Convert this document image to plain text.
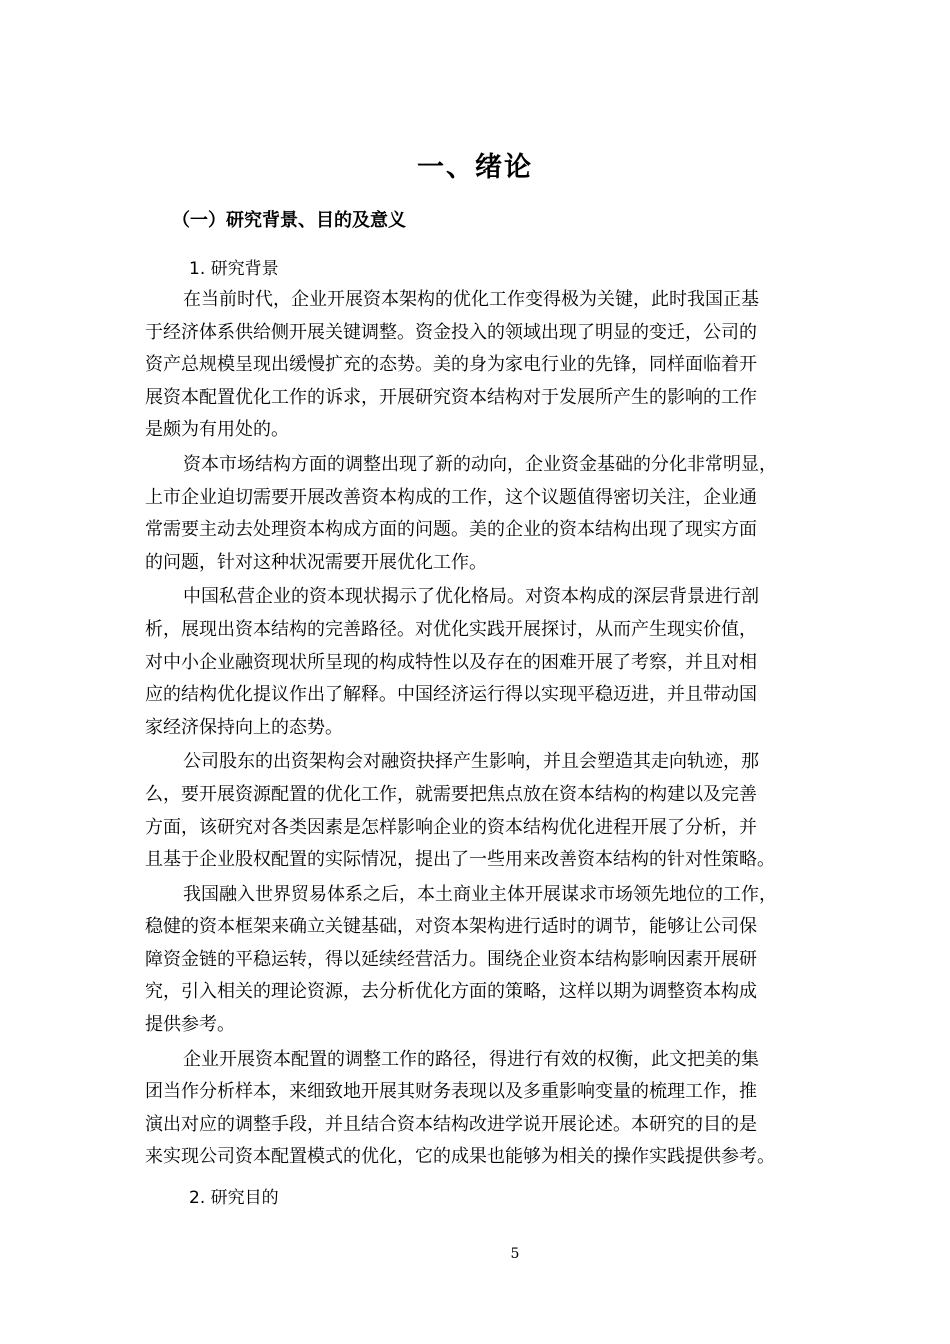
一、绪论
（一）研究背景、目的及意义
1. 研究背景
在当前时代，企业开展资本架构的优化工作变得极为关键，此时我国正基
于经济体系供给侧开展关键调整。资金投入的领域出现了明显的变迁，公司的
资产总规模呈现出缓慢扩充的态势。美的身为家电行业的先锋，同样面临着开
展资本配置优化工作的诉求，开展研究资本结构对于发展所产生的影响的工作
是颇为有用处的。
资本市场结构方面的调整出现了新的动向，企业资金基础的分化非常明显，
上市企业迫切需要开展改善资本构成的工作，这个议题值得密切关注，企业通
常需要主动去处理资本构成方面的问题。美的企业的资本结构出现了现实方面
的问题，针对这种状况需要开展优化工作。
中国私营企业的资本现状揭示了优化格局。对资本构成的深层背景进行剖
析，展现出资本结构的完善路径。对优化实践开展探讨，从而产生现实价值，
对中小企业融资现状所呈现的构成特性以及存在的困难开展了考察，并且对相
应的结构优化提议作出了解释。中国经济运行得以实现平稳迈进，并且带动国
家经济保持向上的态势。
公司股东的出资架构会对融资抉择产生影响，并且会塑造其走向轨迹，那
么，要开展资源配置的优化工作，就需要把焦点放在资本结构的构建以及完善
方面，该研究对各类因素是怎样影响企业的资本结构优化进程开展了分析，并
且基于企业股权配置的实际情况，提出了一些用来改善资本结构的针对性策略。
我国融入世界贸易体系之后，本土商业主体开展谋求市场领先地位的工作，
稳健的资本框架来确立关键基础，对资本架构进行适时的调节，能够让公司保
障资金链的平稳运转，得以延续经营活力。围绕企业资本结构影响因素开展研
究，引入相关的理论资源，去分析优化方面的策略，这样以期为调整资本构成
提供参考。
企业开展资本配置的调整工作的路径，得进行有效的权衡，此文把美的集
团当作分析样本，来细致地开展其财务表现以及多重影响变量的梳理工作，推
演出对应的调整手段，并且结合资本结构改进学说开展论述。本研究的目的是
来实现公司资本配置模式的优化，它的成果也能够为相关的操作实践提供参考。
2. 研究目的
5
